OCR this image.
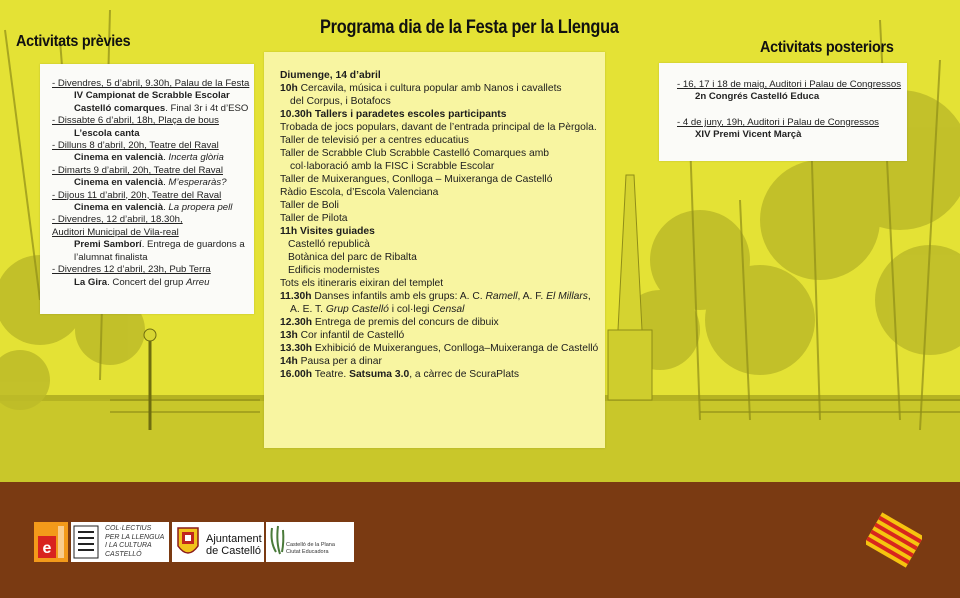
Programa dia de la Festa per la Llengua
Activitats prèvies	Activitats posteriors
- Divendres, 5 d’abril, 9.30h, Palau de la Festa
IV Campionat de Scrabble Escolar
Castelló comarques. Final 3r i 4t d’ESO
- Dissabte 6 d’abril, 18h, Plaça de bous
L’escola canta
- Dilluns 8 d’abril, 20h, Teatre del Raval
Cinema en valencià. Incerta glòria
- Dimarts 9 d’abril, 20h, Teatre del Raval
Cinema en valencià. M’esperaràs?
- Dijous 11 d’abril, 20h, Teatre del Raval
Cinema en valencià. La propera pell
- Divendres, 12 d’abril, 18.30h,
Auditori Municipal de Vila-real
Premi Samborí. Entrega de guardons a
l’alumnat finalista
- Divendres 12 d’abril, 23h, Pub Terra
La Gira. Concert del grup Arreu
Diumenge, 14 d’abril
10h Cercavila, música i cultura popular amb Nanos i cavallets
del Corpus, i Botafocs
10.30h Tallers i paradetes escoles participants
Trobada de jocs populars, davant de l’entrada principal de la Pèrgola.
Taller de televisió per a centres educatius
Taller de Scrabble Club Scrabble Castelló Comarques amb
col·laboració amb la FISC i Scrabble Escolar
Taller de Muixerangues, Conlloga – Muixeranga de Castelló
Ràdio Escola, d’Escola Valenciana
Taller de Boli
Taller de Pilota
11h Visites guiades
Castelló republicà
Botànica del parc de Ribalta
Edificis modernistes
Tots els itineraris eixiran del templet
11.30h Danses infantils amb els grups: A. C. Ramell, A. F. El Millars,
A. E. T. Grup Castelló i col·legi Censal
12.30h Entrega de premis del concurs de dibuix
13h Cor infantil de Castelló
13.30h Exhibició de Muixerangues, Conlloga–Muixeranga de Castelló
14h Pausa per a dinar
16.00h Teatre. Satsuma 3.0, a càrrec de ScuraPlats
- 16, 17 i 18 de maig, Auditori i Palau de Congressos
2n Congrés Castelló Educa
- 4 de juny, 19h, Auditori i Palau de Congressos
XIV Premi Vicent Marçà
e
COL·LECTIUS
PER LA LLENGUA
I LA CULTURA
CASTELLÓ
Ajuntament
de Castelló	Castelló de la Plana
Ciutat Educadora
